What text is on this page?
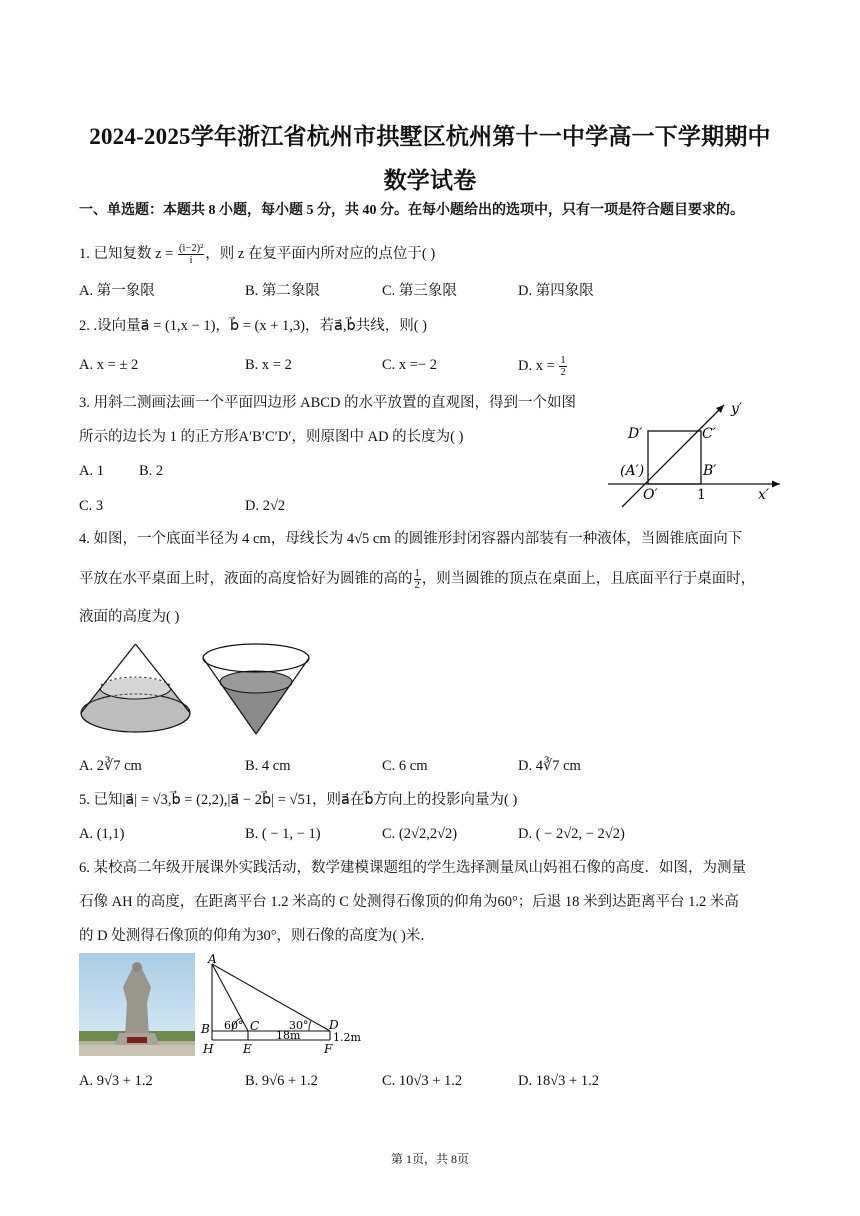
2024-2025学年浙江省杭州市拱墅区杭州第十一中学高一下学期期中
数学试卷
一、单选题：本题共 8 小题，每小题 5 分，共 40 分。在每小题给出的选项中，只有一项是符合题目要求的。
1. 已知复数 $z = \frac{\text{(i−2)²}}{i}$ ，则 z 在复平面内所对应的点位于( )
A. 第一象限	B. 第二象限	C. 第三象限	D. 第四象限
2. .设向量a⃗ = (1,x − 1)，b⃗ = (x + 1,3)，若a⃗,b⃗共线，则( )
A. x = ± 2	B. x = 2	C. x =− 2	D. $x = \frac{1}{2}$
3. 用斜二测画法画一个平面四边形 ABCD 的水平放置的直观图，得到一个如图
所示的边长为 1 的正方形A′B′C′D′，则原图中 AD 的长度为( )
A. 1 B. 2
C. 3	D. 2√2
y′
D′	C′
(A′)	B′
O′	1	x′
4. 如图，一个底面半径为 4 cm，母线长为 4√5 cm 的圆锥形封闭容器内部装有一种液体，当圆锥底面向下
平放在水平桌面上时，液面的高度恰好为圆锥的高的 $\frac{1}{2}$ ，则当圆锥的顶点在桌面上，且底面平行于桌面时，
液面的高度为( )
A. 2∛7 cm	B. 4 cm	C. 6 cm	D. 4∛7 cm
5. 已知|a⃗| = √3,b⃗ = (2,2),|a⃗ − 2b⃗| = √51，则a⃗在b⃗方向上的投影向量为( )
A. (1,1)	B. ( − 1, − 1)	C. (2√2,2√2)	D. ( − 2√2, − 2√2)
6. 某校高二年级开展课外实践活动，数学建模课题组的学生选择测量凤山妈祖石像的高度．如图，为测量
石像 AH 的高度，在距离平台 1.2 米高的 C 处测得石像顶的仰角为60°；后退 18 米到达距离平台 1.2 米高
的 D 处测得石像顶的仰角为30°，则石像的高度为( )米．
A
B 60° C	30° D
18m	1.2m
H E	F
A. 9√3 + 1.2	B. 9√6 + 1.2	C. 10√3 + 1.2	D. 18√3 + 1.2
第 1页，共 8页
